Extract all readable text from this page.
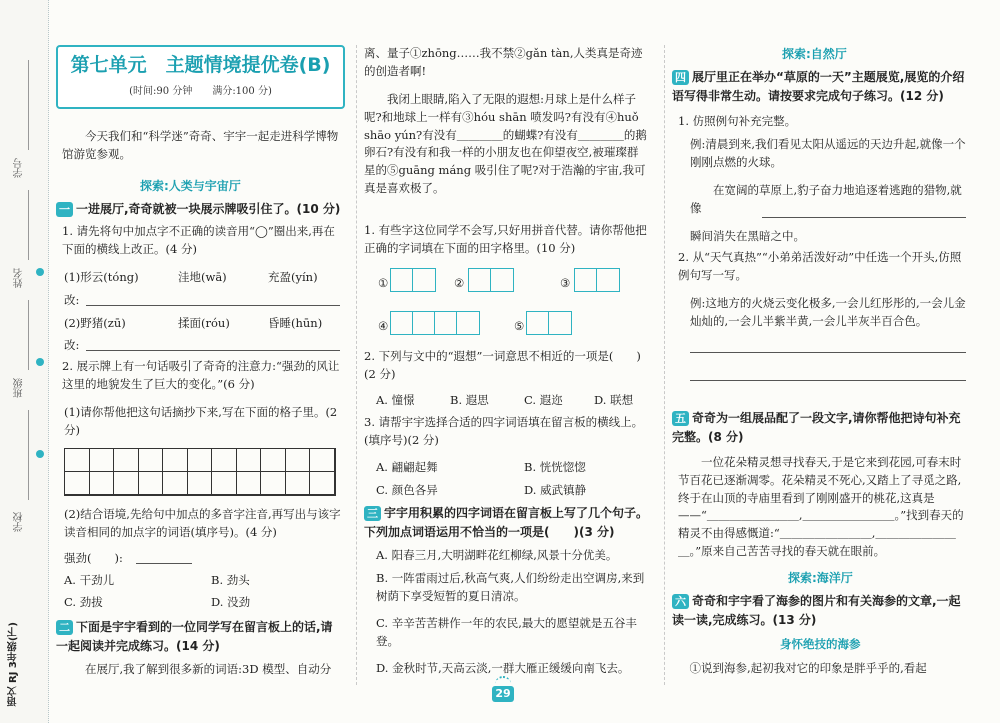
学号
姓名
班级
学校
语文 RJ 3年级(下)
第七单元　主题情境提优卷(B)
(时间:90 分钟　　满分:100 分)
今天我们和“科学迷”奇奇、宇宇一起走进科学博物馆游览参观。
探索:人类与宇宙厅
一 一进展厅,奇奇就被一块展示牌吸引住了。(10 分)
1. 请先将句中加点字不正确的读音用“◯”圈出来,再在下面的横线上改正。(4 分)
(1)形云(tóng)	洼地(wā)	充盈(yín)
改:
(2)野猪(zū)	揉面(róu)	昏睡(hūn)
改:
2. 展示牌上有一句话吸引了奇奇的注意力:“强劲的风让这里的地貌发生了巨大的变化。”(6 分)
(1)请你帮他把这句话摘抄下来,写在下面的格子里。(2 分)
(2)结合语境,先给句中加点的多音字注音,再写出与该字读音相同的加点字的词语(填序号)。(4 分)
强劲(　　):
A. 干劲儿	B. 劲头
C. 劲拔	D. 没劲
二 下面是宇宇看到的一位同学写在留言板上的话,请一起阅读并完成练习。(14 分)
在展厅,我了解到很多新的词语:3D 模型、自动分
离、量子①zhōng……我不禁②gǎn tàn,人类真是奇迹的创造者啊!
我闭上眼睛,陷入了无限的遐想:月球上是什么样子呢?和地球上一样有③hóu shān 喷发吗?有没有④huǒ shāo yún?有没有＿＿＿＿的蝴蝶?有没有＿＿＿＿的鹅卵石?有没有和我一样的小朋友也在仰望夜空,被璀璨群星的⑤guāng máng 吸引住了呢?对于浩瀚的宇宙,我可真是喜欢极了。
1. 有些字这位同学不会写,只好用拼音代替。请你帮他把正确的字词填在下面的田字格里。(10 分)
①	②	③
④	⑤
2. 下列与文中的“遐想”一词意思不相近的一项是(　　)(2 分)
A. 憧憬	B. 遐思	C. 遐迩	D. 联想
3. 请帮宇宇选择合适的四字词语填在留言板的横线上。(填序号)(2 分)
A. 翩翩起舞	B. 恍恍惚惚
C. 颜色各异	D. 威武镇静
三 宇宇用积累的四字词语在留言板上写了几个句子。下列加点词语运用不恰当的一项是(　　)(3 分)
A. 阳春三月,大明湖畔花红柳绿,风景十分优美。
B. 一阵雷雨过后,秋高气爽,人们纷纷走出空调房,来到树荫下享受短暂的夏日清凉。
C. 辛辛苦苦耕作一年的农民,最大的愿望就是五谷丰登。
D. 金秋时节,天高云淡,一群大雁正缓缓向南飞去。
探索:自然厅
四 展厅里正在举办“草原的一天”主题展览,展览的介绍语写得非常生动。请按要求完成句子练习。(12 分)
1. 仿照例句补充完整。
例:清晨到来,我们看见太阳从遥远的天边升起,就像一个刚刚点燃的火球。
在宽阔的草原上,豹子奋力地追逐着逃跑的猎物,就像
瞬间消失在黑暗之中。
2. 从“天气真热”“小弟弟活泼好动”中任选一个开头,仿照例句写一写。
例:这地方的火烧云变化极多,一会儿红彤彤的,一会儿金灿灿的,一会儿半紫半黄,一会儿半灰半百合色。
五 奇奇为一组展品配了一段文字,请你帮他把诗句补充完整。(8 分)
一位花朵精灵想寻找春天,于是它来到花园,可春末时节百花已逐渐凋零。花朵精灵不死心,又踏上了寻觅之路,终于在山顶的寺庙里看到了刚刚盛开的桃花,这真是——“＿＿＿＿＿＿＿＿,＿＿＿＿＿＿＿＿。”找到春天的精灵不由得感慨道:“＿＿＿＿＿＿＿＿,＿＿＿＿＿＿＿＿。”原来自己苦苦寻找的春天就在眼前。
探索:海洋厅
六 奇奇和宇宇看了海参的图片和有关海参的文章,一起读一读,完成练习。(13 分)
身怀绝技的海参
①说到海参,起初我对它的印象是胖乎乎的,看起
29
